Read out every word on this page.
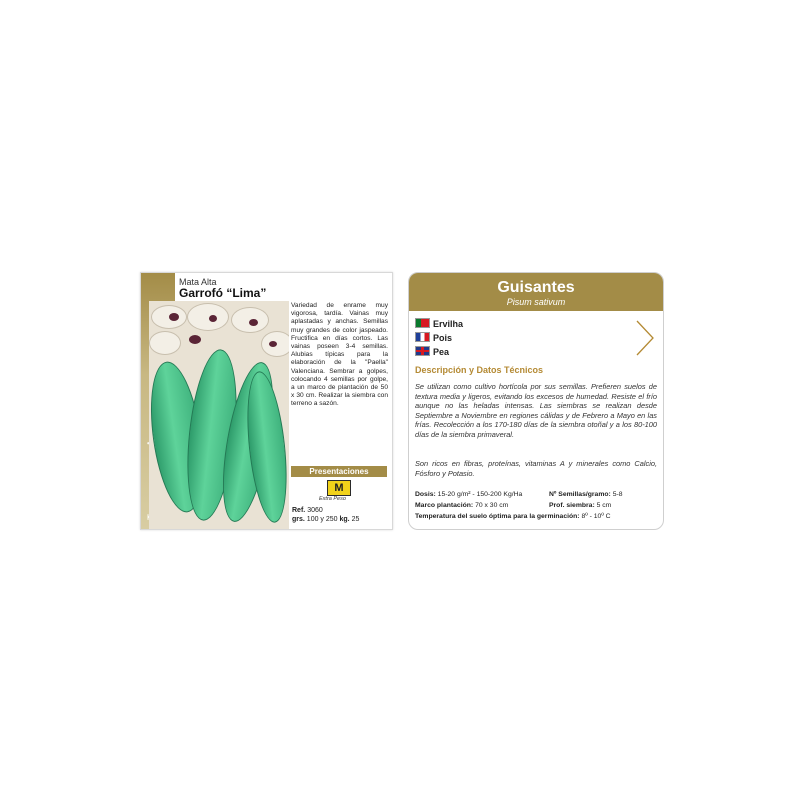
Mata Alta
Garrofó “Lima”
Variedad de enrame muy vigorosa, tardía. Vainas muy aplastadas y anchas. Semillas muy grandes de color jaspeado. Fructifica en días cortos. Las vainas poseen 3-4 semillas. Alubias típicas para la elaboración de la "Paella" Valenciana. Sembrar a golpes, colocando 4 semillas por golpe, a un marco de plantación de 50 x 30 cm. Realizar la siembra con terreno a sazón.
Presentaciones
M
Extra Peso
Ref. 3060
grs. 100 y 250 kg. 25
Guisantes
Pisum sativum
Ervilha
Pois
Pea
Descripción y Datos Técnicos
Se utilizan como cultivo hortícola por sus semillas. Prefieren suelos de textura media y ligeros, evitando los excesos de humedad. Resiste el frío aunque no las heladas intensas. Las siembras se realizan desde Septiembre a Noviembre en regiones cálidas y de Febrero a Mayo en las frías. Recolección a los 170-180 días de la siembra otoñal y a los 80-100 días de la siembra primaveral.
Son ricos en fibras, proteínas, vitaminas A y minerales como Calcio, Fósforo y Potasio.
Dosis: 15-20 g/m² - 150-200 Kg/Ha	Nº Semillas/gramo: 5-8
Marco plantación: 70 x 30 cm	Prof. siembra: 5 cm
Temperatura del suelo óptima para la germinación: 8º - 10º C
